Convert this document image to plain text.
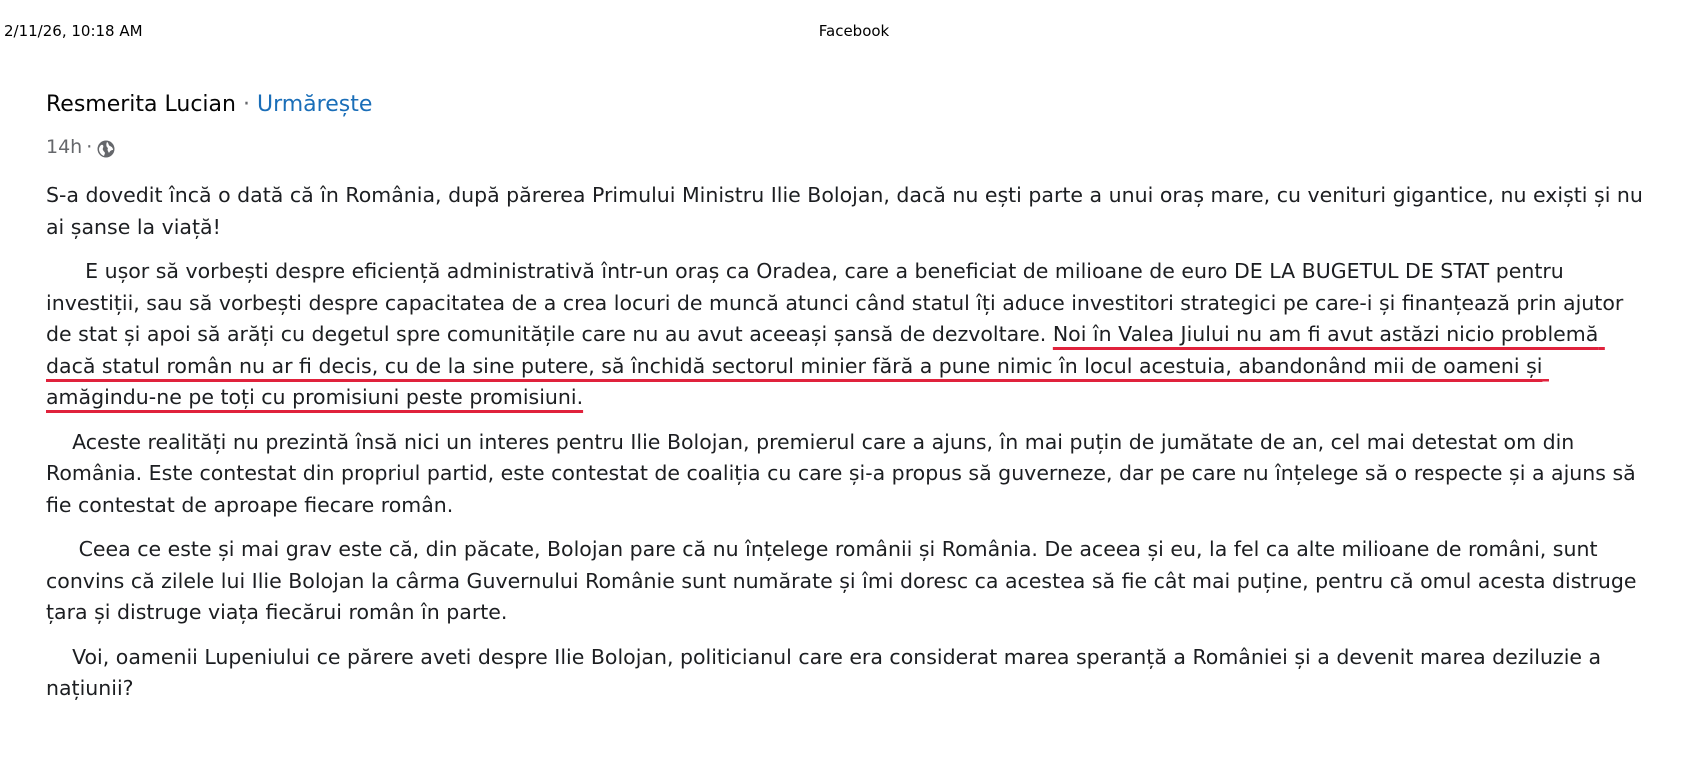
2/11/26, 10:18 AM	Facebook
Resmerita Lucian · Urmărește
14h ·

S-a dovedit încă o dată că în România, după părerea Primului Ministru Ilie Bolojan, dacă nu ești parte a unui oraș mare, cu venituri gigantice, nu exiști și nu ai șanse la viață!

E ușor să vorbești despre eficiență administrativă într-un oraș ca Oradea, care a beneficiat de milioane de euro DE LA BUGETUL DE STAT pentru investiții, sau să vorbești despre capacitatea de a crea locuri de muncă atunci când statul îți aduce investitori strategici pe care-i și finanțează prin ajutor de stat și apoi să arăți cu degetul spre comunitățile care nu au avut aceeași șansă de dezvoltare. Noi în Valea Jiului nu am fi avut astăzi nicio problemă dacă statul român nu ar fi decis, cu de la sine putere, să închidă sectorul minier fără a pune nimic în locul acestuia, abandonând mii de oameni și amăgindu-ne pe toți cu promisiuni peste promisiuni.

Aceste realități nu prezintă însă nici un interes pentru Ilie Bolojan, premierul care a ajuns, în mai puțin de jumătate de an, cel mai detestat om din România. Este contestat din propriul partid, este contestat de coaliția cu care și-a propus să guverneze, dar pe care nu înțelege să o respecte și a ajuns să fie contestat de aproape fiecare român.

Ceea ce este și mai grav este că, din păcate, Bolojan pare că nu înțelege românii și România. De aceea și eu, la fel ca alte milioane de români, sunt convins că zilele lui Ilie Bolojan la cârma Guvernului Românie sunt numărate și îmi doresc ca acestea să fie cât mai puține, pentru că omul acesta distruge țara și distruge viața fiecărui român în parte.

Voi, oamenii Lupeniului ce părere aveti despre Ilie Bolojan, politicianul care era considerat marea speranță a României și a devenit marea deziluzie a națiunii?
